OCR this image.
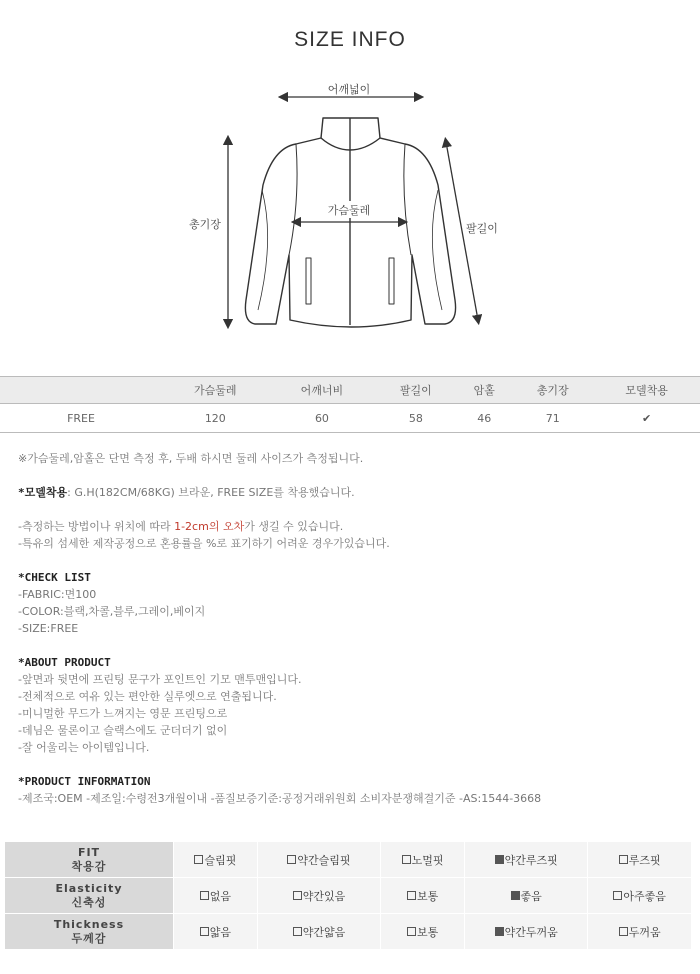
SIZE INFO
어깨넓이
가슴둘레
총기장	팔길이
	가슴둘레	어깨너비	팔길이	암홀	총기장	모델착용
FREE	120	60	58	46	71	✔

※가슴둘레,암홀은 단면 측정 후, 두배 하시면 둘레 사이즈가 측정됩니다.

*모델착용: G.H(182CM/68KG) 브라운, FREE SIZE를 착용했습니다.

-측정하는 방법이나 위치에 따라 1-2cm의 오차가 생길 수 있습니다.

-특유의 섬세한 제작공정으로 혼용률을 %로 표기하기 어려운 경우가있습니다.

*CHECK LIST

-FABRIC:면100

-COLOR:블랙,차콜,블루,그레이,베이지

-SIZE:FREE

*ABOUT PRODUCT

-앞면과 뒷면에 프린팅 문구가 포인트인 기모 맨투맨입니다.

-전체적으로 여유 있는 편안한 실루엣으로 연출됩니다.

-미니멀한 무드가 느껴지는 영문 프린팅으로

-데님은 물론이고 슬랙스에도 군더더기 없이

-잘 어울리는 아이템입니다.

*PRODUCT INFORMATION

-제조국:OEM -제조일:수령전3개월이내 -품질보증기준:공정거래위원회 소비자분쟁해결기준 -AS:1544-3668

FIT
착용감	슬림핏	약간슬림핏	노멀핏	약간루즈핏	루즈핏
Elasticity
신축성	없음	약간있음	보통	좋음	아주좋음
Thickness
두께감	얇음	약간얇음	보통	약간두꺼움	두꺼움
